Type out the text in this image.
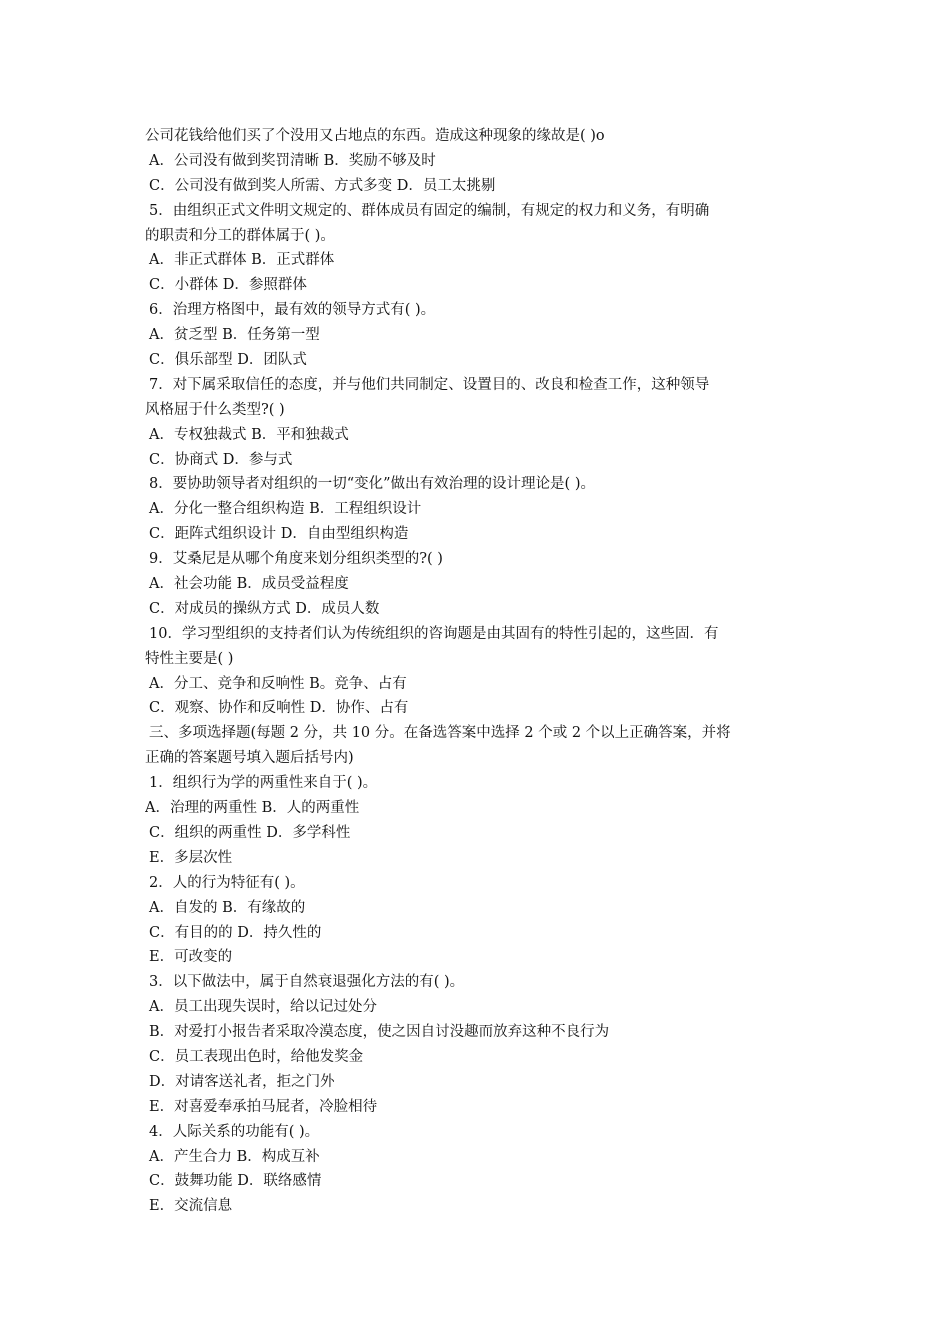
公司花钱给他们买了个没用又占地点的东西。造成这种现象的缘故是( )o
A．公司没有做到奖罚清晰 B．奖励不够及时
C．公司没有做到奖人所需、方式多变 D．员工太挑剔
5．由组织正式文件明文规定的、群体成员有固定的编制，有规定的权力和义务，有明确
的职责和分工的群体属于( )。
A．非正式群体 B．正式群体
C．小群体 D．参照群体
6．治理方格图中，最有效的领导方式有( )。
A．贫乏型 B．任务第一型
C．俱乐部型 D．团队式
7．对下属采取信任的态度，并与他们共同制定、设置目的、改良和检查工作，这种领导
风格屈于什么类型?( )
A．专权独裁式 B．平和独裁式
C．协商式 D．参与式
8．要协助领导者对组织的一切“变化”做出有效治理的设计理论是( )。
A．分化一整合组织构造 B．工程组织设计
C．距阵式组织设计 D．自由型组织构造
9．艾桑尼是从哪个角度来划分组织类型的?( )
A．社会功能 B．成员受益程度
C．对成员的操纵方式 D．成员人数
10．学习型组织的支持者们认为传统组织的咨询题是由其固有的特性引起的，这些固．有
特性主要是( )
A．分工、竞争和反响性 B。竞争、占有
C．观察、协作和反响性 D．协作、占有
三、多项选择题(每题 2 分，共 10 分。在备选答案中选择 2 个或 2 个以上正确答案，并将
正确的答案题号填入题后括号内)
1．组织行为学的两重性来自于( )。
A．治理的两重性 B．人的两重性
C．组织的两重性 D．多学科性
E．多层次性
2．人的行为特征有( )。
A．自发的 B．有缘故的
C．有目的的 D．持久性的
E．可改变的
3．以下做法中，属于自然衰退强化方法的有( )。
A．员工出现失误时，给以记过处分
B．对爱打小报告者采取冷漠态度，使之因自讨没趣而放弃这种不良行为
C．员工表现出色时，给他发奖金
D．对请客送礼者，拒之门外
E．对喜爱奉承拍马屁者，冷脸相待
4．人际关系的功能有( )。
A．产生合力 B．构成互补
C．鼓舞功能 D．联络感情
E．交流信息
